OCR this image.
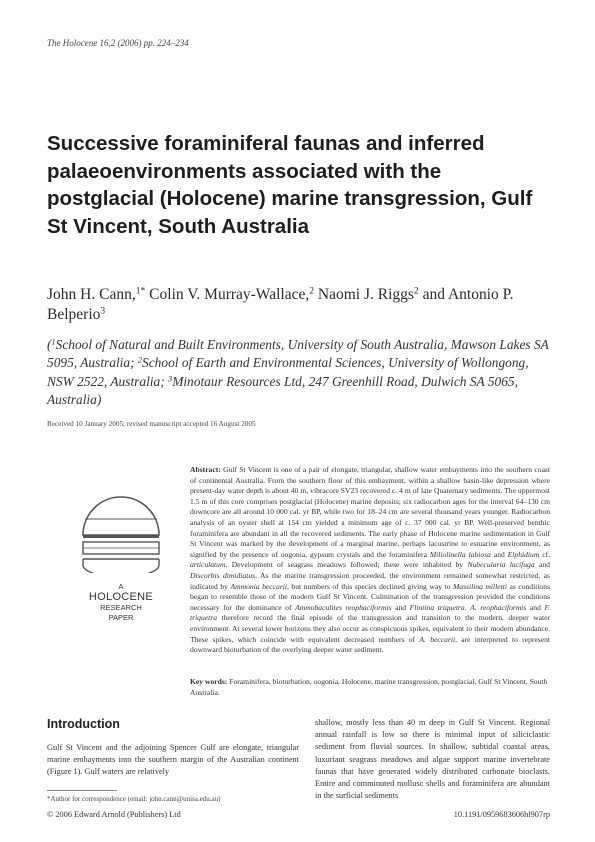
The Holocene 16,2 (2006) pp. 224–234
Successive foraminiferal faunas and inferred palaeoenvironments associated with the postglacial (Holocene) marine transgression, Gulf St Vincent, South Australia
John H. Cann,$^{1*}$ Colin V. Murray-Wallace,$^2$ Naomi J. Riggs$^2$ and Antonio P. Belperio$^3$
($^1$School of Natural and Built Environments, University of South Australia, Mawson Lakes SA 5095, Australia; $^2$School of Earth and Environmental Sciences, University of Wollongong, NSW 2522, Australia; $^3$Minotaur Resources Ltd, 247 Greenhill Road, Dulwich SA 5065, Australia)
Received 10 January 2005; revised manuscript accepted 16 August 2005
A
HOLOCENE
RESEARCH
PAPER
Abstract: Gulf St Vincent is one of a pair of elongate, triangular, shallow water embayments into the southern coast of continental Australia. From the southern floor of this embayment, within a shallow basin-like depression where present-day water depth is about 40 m, vibracore SV23 recovered c. 4 m of late Quaternary sediments. The uppermost 1.5 m of this core comprises postglacial (Holocene) marine deposits; six radiocarbon ages for the interval 64–130 cm downcore are all around 10 000 cal. yr BP, while two for 18–24 cm are several thousand years younger. Radiocarbon analysis of an oyster shell at 154 cm yielded a minimum age of c. 37 000 cal. yr BP. Well-preserved benthic foraminifera are abundant in all the recovered sediments. The early phase of Holocene marine sedimentation in Gulf St Vincent was marked by the development of a marginal marine, perhaps lacustrine to estuarine environment, as signified by the presence of oogonia, gypsum crystals and the foraminifera Miliolinella labiosa and Elphidium cf. articulatum. Development of seagrass meadows followed; these were inhabited by Nubecularia lucifuga and Discorbis dimidiatus. As the marine transgression proceeded, the environment remained somewhat restricted, as indicated by Ammonia beccarii, but numbers of this species declined giving way to Massilina milletti as conditions began to resemble those of the modern Gulf St Vincent. Culmination of the transgression provided the conditions necessary for the dominance of Ammobaculites reophaciformis and Flintina triquetra. A. reophaciformis and F. triquetra therefore record the final episode of the transgression and transition to the modern, deeper water environment. At several lower horizons they also occur as conspicuous spikes, equivalent to their modern abundance. These spikes, which coincide with equivalent decreased numbers of A. beccarii, are interpreted to represent downward bioturbation of the overlying deeper water sediment.
Key words: Foraminifera, bioturbation, oogonia, Holocene, marine transgression, postglacial, Gulf St Vincent, South Australia.
Introduction
Gulf St Vincent and the adjoining Spencer Gulf are elongate, triangular marine embayments into the southern margin of the Australian continent (Figure 1). Gulf waters are relatively
shallow, mostly less than 40 m deep in Gulf St Vincent. Regional annual rainfall is low so there is minimal input of siliciclastic sediment from fluvial sources. In shallow, subtidal coastal areas, luxuriant seagrass meadows and algae support marine invertebrate faunas that have generated widely distributed carbonate bioclasts. Entire and comminuted mollusc shells and foraminifera are abundant in the surficial sediments
*Author for correspondence (email: john.cann@unisa.edu.au)
© 2006 Edward Arnold (Publishers) Ltd	10.1191/0959683606hl907rp
